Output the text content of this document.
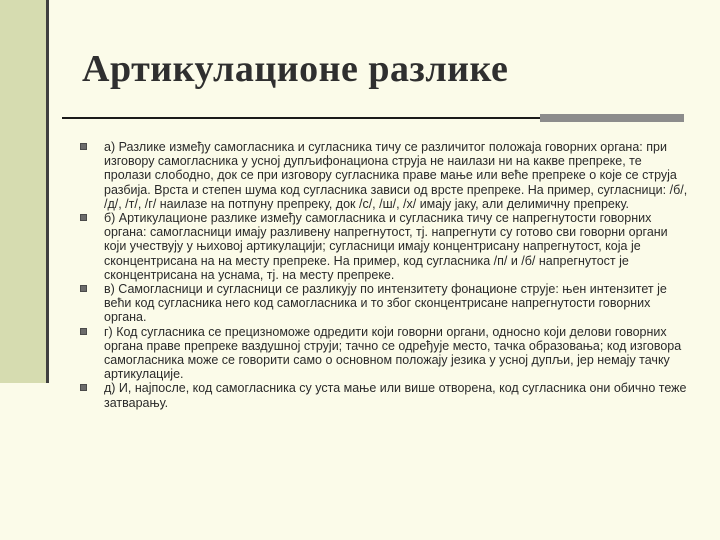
Артикулационе разлике
а) Разлике између самогласника и сугласника тичу се различитог положаја говорних органа: при изговору самогласника у усној дупљифонациона струја не наилази ни на какве препреке, те пролази слободно, док се при изговору сугласника праве мање или веће препреке о које се струја разбија. Врста и степен шума код сугласника зависи од врсте препреке. На пример, сугласници: /б/, /д/, /т/, /г/ наилазе на потпуну препреку, док /с/, /ш/, /х/ имају јаку, али делимичну препреку.
б) Артикулационе разлике између самогласника и сугласника тичу се напрегнутости говорних органа: самогласници имају разливену напрегнутост, тј. напрегнути су готово сви говорни органи који учествују у њиховој артикулацији; сугласници имају концентрисану напрегнутост, која је сконцентрисана на на месту препреке. На пример, код сугласника /п/ и /б/ напрегнутост је сконцентрисана на уснама, тј. на месту препреке.
в) Самогласници и сугласници се разликују по интензитету фонационе струје: њен интензитет је већи код сугласника него код самогласника и то због сконцентрисане напрегнутости говорних органа.
г) Код сугласника се прецизноможе одредити који говорни органи, односно који делови говорних органа праве препреке ваздушној струји; тачно се одређује место, тачка образовања; код изговора самогласника може се говорити само о основном положају језика у усној дупљи, јер немају тачку артикулације.
д) И, најпосле, код самогласника су уста мање или више отворена, код сугласника они обично теже затварању.
